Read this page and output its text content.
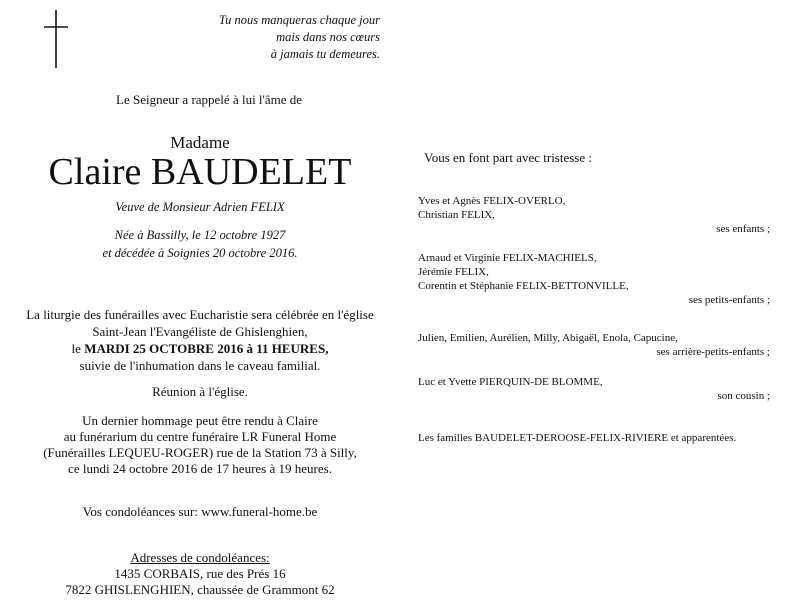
Tu nous manqueras chaque jour
mais dans nos cœurs
à jamais tu demeures.
Le Seigneur a rappelé à lui l'âme de
Madame
Claire BAUDELET
Veuve de Monsieur Adrien FELIX
Née à Bassilly, le 12 octobre 1927
et décédée à Soignies 20 octobre 2016.
La liturgie des funérailles avec Eucharistie sera célébrée en l'église
Saint-Jean l'Evangéliste de Ghislenghien,
le MARDI 25 OCTOBRE 2016 à 11 HEURES,
suivie de l'inhumation dans le caveau familial.
Réunion à l'église.
Un dernier hommage peut être rendu à Claire
au funérarium du centre funéraire LR Funeral Home
(Funérailles LEQUEU-ROGER) rue de la Station 73 à Silly,
ce lundi 24 octobre 2016 de 17 heures à 19 heures.
Vos condoléances sur: www.funeral-home.be
Adresses de condoléances:
1435 CORBAIS, rue des Prés 16
7822 GHISLENGHIEN, chaussée de Grammont 62
Vous en font part avec tristesse :
Yves et Agnès FELIX-OVERLO,
Christian FELIX,
ses enfants ;
Arnaud et Virginie FELIX-MACHIELS,
Jérémie FELIX,
Corentin et Stéphanie FELIX-BETTONVILLE,
ses petits-enfants ;
Julien, Emilien, Aurélien, Milly, Abigaël, Enola, Capucine,
ses arrière-petits-enfants ;
Luc et Yvette PIERQUIN-DE BLOMME,
son cousin ;
Les familles BAUDELET-DEROOSE-FELIX-RIVIERE et apparentées.
